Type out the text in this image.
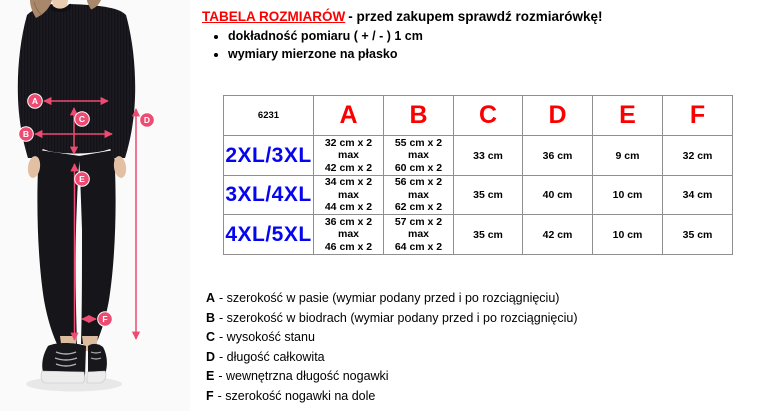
A
B
C	D
E
F
TABELA ROZMIARÓW - przed zakupem sprawdź rozmiarówkę!
• dokładność pomiaru ( + / - ) 1 cm
• wymiary mierzone na płasko
6231	A	B	C	D	E	F
2XL/3XL	32 cm x 2
max
42 cm x 2	55 cm x 2
max
60 cm x 2	33 cm	36 cm	9 cm	32 cm
3XL/4XL	34 cm x 2
max
44 cm x 2	56 cm x 2
max
62 cm x 2	35 cm	40 cm	10 cm	34 cm
4XL/5XL	36 cm x 2
max
46 cm x 2	57 cm x 2
max
64 cm x 2	35 cm	42 cm	10 cm	35 cm
A - szerokość w pasie (wymiar podany przed i po rozciągnięciu)
B - szerokość w biodrach (wymiar podany przed i po rozciągnięciu)
C - wysokość stanu
D - długość całkowita
E - wewnętrzna długość nogawki
F - szerokość nogawki na dole
